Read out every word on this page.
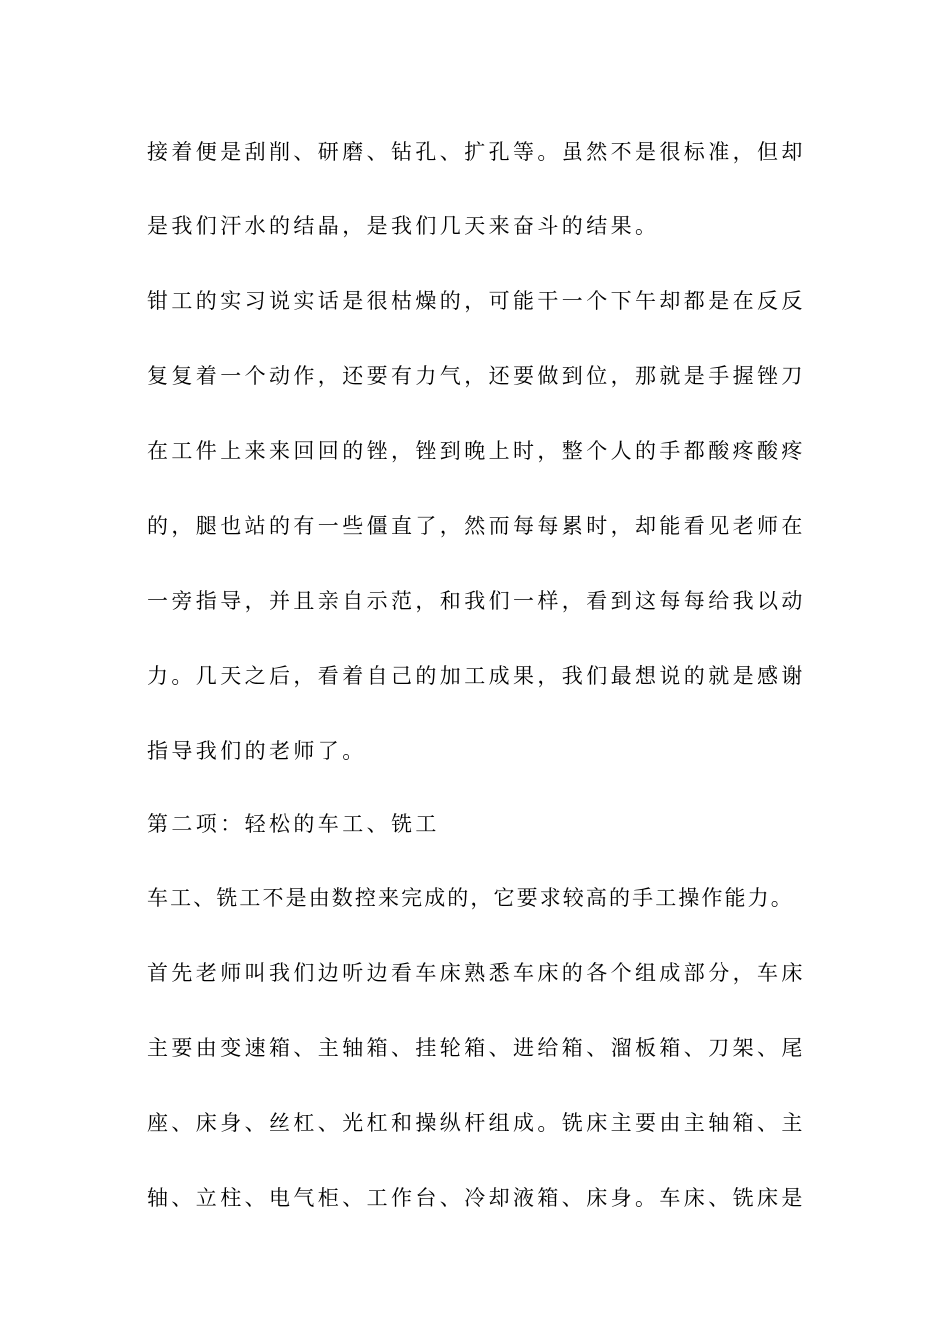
接着便是刮削、研磨、钻孔、扩孔等。虽然不是很标准，但却
是我们汗水的结晶，是我们几天来奋斗的结果。
钳工的实习说实话是很枯燥的，可能干一个下午却都是在反反
复复着一个动作，还要有力气，还要做到位，那就是手握锉刀
在工件上来来回回的锉，锉到晚上时，整个人的手都酸疼酸疼
的，腿也站的有一些僵直了，然而每每累时，却能看见老师在
一旁指导，并且亲自示范，和我们一样，看到这每每给我以动
力。几天之后，看着自己的加工成果，我们最想说的就是感谢
指导我们的老师了。
第二项：轻松的车工、铣工
车工、铣工不是由数控来完成的，它要求较高的手工操作能力。
首先老师叫我们边听边看车床熟悉车床的各个组成部分，车床
主要由变速箱、主轴箱、挂轮箱、进给箱、溜板箱、刀架、尾
座、床身、丝杠、光杠和操纵杆组成。铣床主要由主轴箱、主
轴、立柱、电气柜、工作台、冷却液箱、床身。车床、铣床是
